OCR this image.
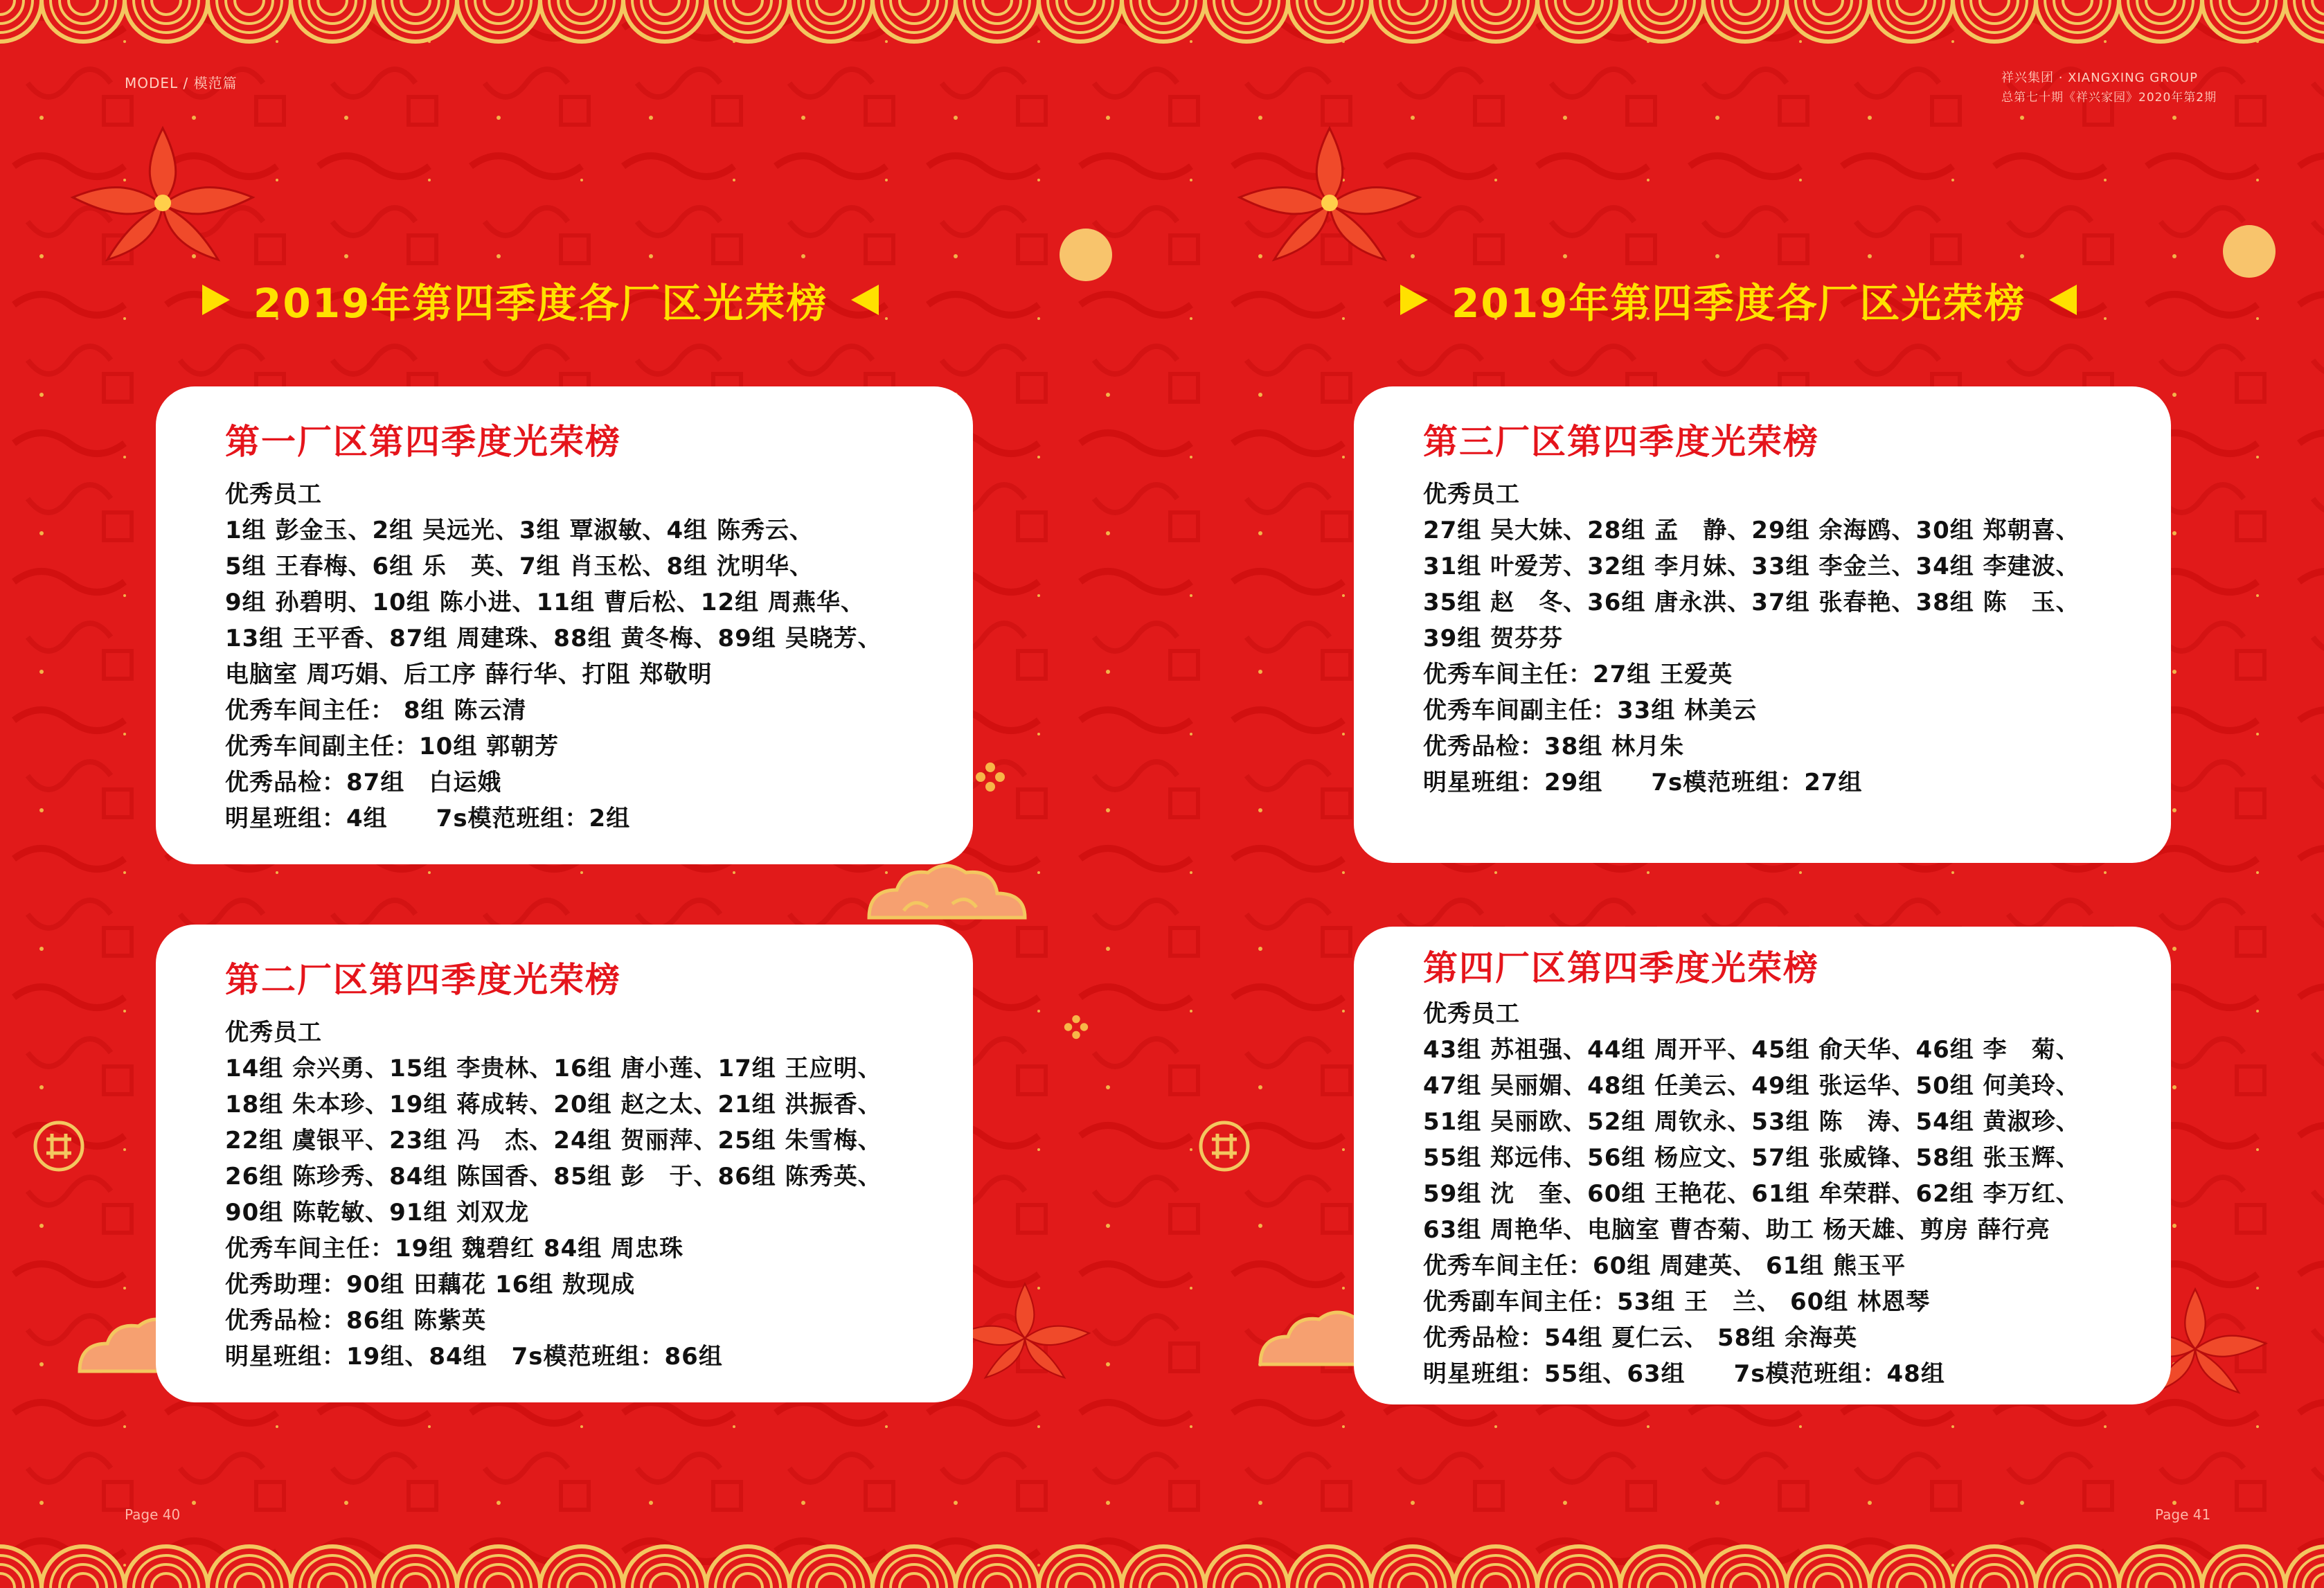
MODEL / 模范篇	祥兴集团 · XIANGXING GROUP
总第七十期《祥兴家园》2020年第2期
2019年第四季度各厂区光荣榜	2019年第四季度各厂区光荣榜
第一厂区第四季度光荣榜

优秀员工

1组 彭金玉、2组 吴远光、3组 覃淑敏、4组 陈秀云、

5组 王春梅、6组 乐　英、7组 肖玉松、8组 沈明华、

9组 孙碧明、10组 陈小进、11组 曹后松、12组 周燕华、

13组 王平香、87组 周建珠、88组 黄冬梅、89组 吴晓芳、

电脑室 周巧娟、后工序 薛行华、打阻 郑敬明

优秀车间主任： 8组 陈云清

优秀车间副主任：10组 郭朝芳

优秀品检：87组　白运娥

明星班组：4组　　7s模范班组：2组

第二厂区第四季度光荣榜

优秀员工

14组 佘兴勇、15组 李贵林、16组 唐小莲、17组 王应明、

18组 朱本珍、19组 蒋成转、20组 赵之太、21组 洪振香、

22组 虞银平、23组 冯　杰、24组 贺丽萍、25组 朱雪梅、

26组 陈珍秀、84组 陈国香、85组 彭　于、86组 陈秀英、

90组 陈乾敏、91组 刘双龙

优秀车间主任：19组 魏碧红 84组 周忠珠

优秀助理：90组 田藕花 16组 敖现成

优秀品检：86组 陈紫英

明星班组：19组、84组　7s模范班组：86组

第三厂区第四季度光荣榜

优秀员工

27组 吴大妹、28组 孟　静、29组 余海鸥、30组 郑朝喜、

31组 叶爱芳、32组 李月妹、33组 李金兰、34组 李建波、

35组 赵　冬、36组 唐永洪、37组 张春艳、38组 陈　玉、

39组 贺芬芬

优秀车间主任：27组 王爱英

优秀车间副主任：33组 林美云

优秀品检：38组 林月朱

明星班组：29组　　7s模范班组：27组

第四厂区第四季度光荣榜

优秀员工

43组 苏祖强、44组 周开平、45组 俞天华、46组 李　菊、

47组 吴丽媚、48组 任美云、49组 张运华、50组 何美玲、

51组 吴丽欧、52组 周钦永、53组 陈　涛、54组 黄淑珍、

55组 郑远伟、56组 杨应文、57组 张威锋、58组 张玉辉、

59组 沈　奎、60组 王艳花、61组 牟荣群、62组 李万红、

63组 周艳华、电脑室 曹杏菊、助工 杨天雄、剪房 薛行亮

优秀车间主任：60组 周建英、 61组 熊玉平

优秀副车间主任：53组 王　兰、 60组 林恩琴

优秀品检：54组 夏仁云、 58组 余海英

明星班组：55组、63组　　7s模范班组：48组

Page 40	Page 41
